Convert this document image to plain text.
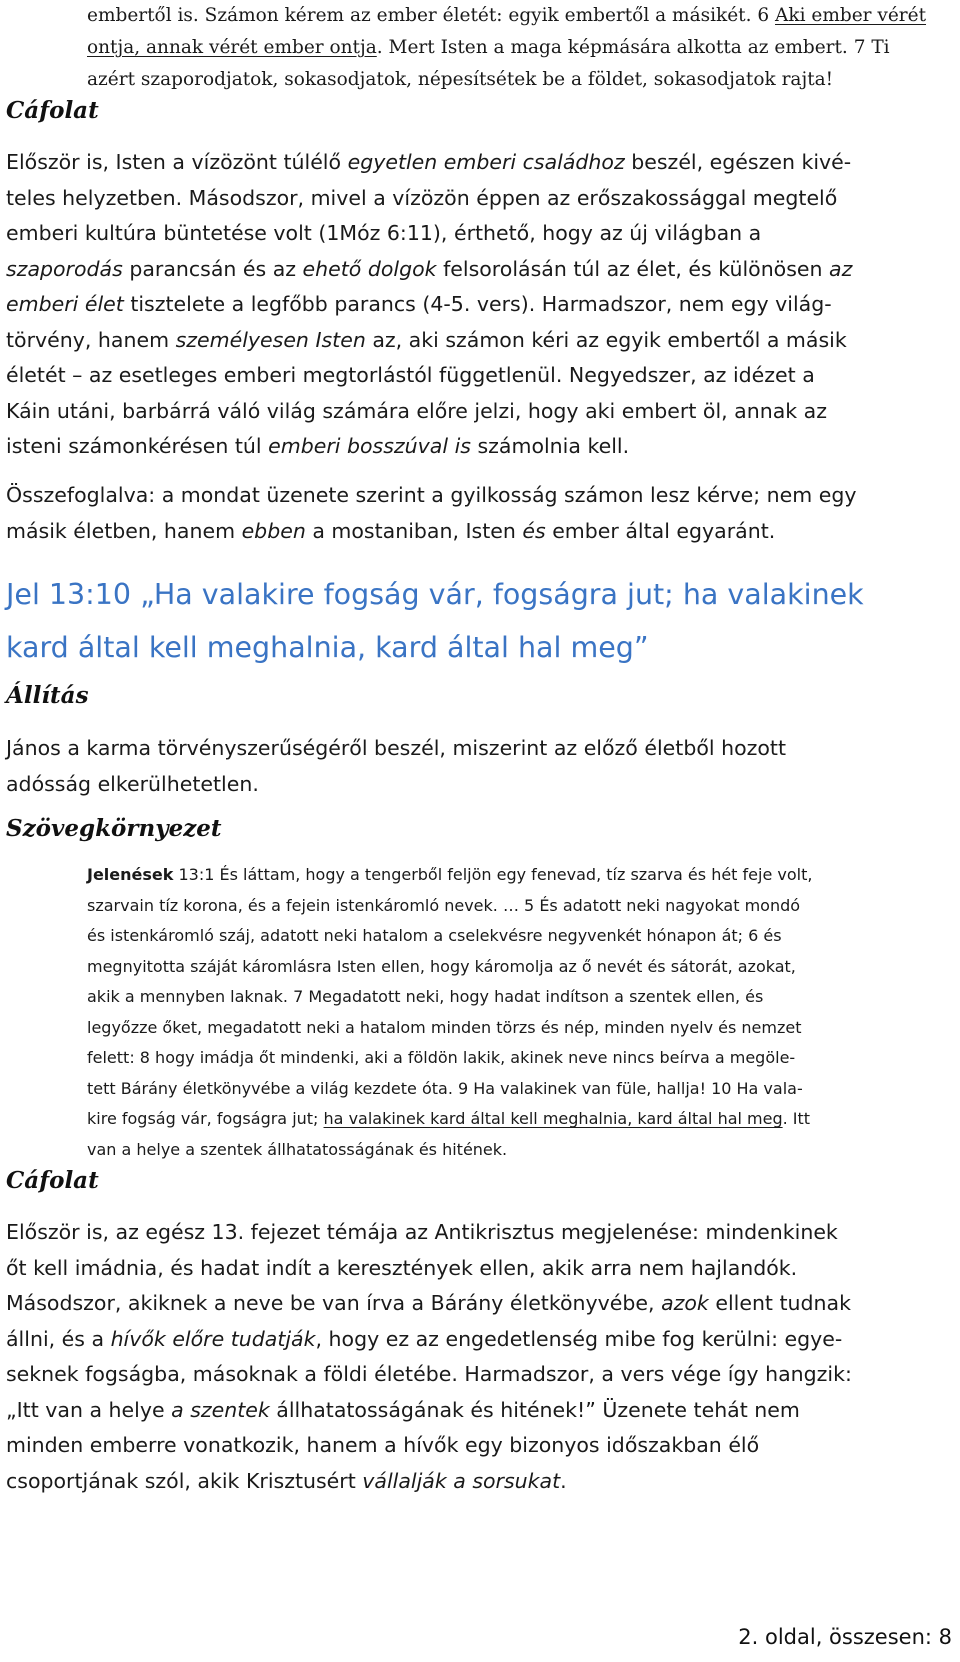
embertől is. Számon kérem az ember életét: egyik embertől a másikét. 6 Aki ember vérét
ontja, annak vérét ember ontja. Mert Isten a maga képmására alkotta az embert. 7 Ti
azért szaporodjatok, sokasodjatok, népesítsétek be a földet, sokasodjatok rajta!
Cáfolat
Először is, Isten a vízözönt túlélő egyetlen emberi családhoz beszél, egészen kivé-
teles helyzetben. Másodszor, mivel a vízözön éppen az erőszakossággal megtelő
emberi kultúra büntetése volt (1Móz 6:11), érthető, hogy az új világban a
szaporodás parancsán és az ehető dolgok felsorolásán túl az élet, és különösen az
emberi élet tisztelete a legfőbb parancs (4-5. vers). Harmadszor, nem egy világ-
törvény, hanem személyesen Isten az, aki számon kéri az egyik embertől a másik
életét – az esetleges emberi megtorlástól függetlenül. Negyedszer, az idézet a
Káin utáni, barbárrá váló világ számára előre jelzi, hogy aki embert öl, annak az
isteni számonkérésen túl emberi bosszúval is számolnia kell.
Összefoglalva: a mondat üzenete szerint a gyilkosság számon lesz kérve; nem egy
másik életben, hanem ebben a mostaniban, Isten és ember által egyaránt.
Jel 13:10 „Ha valakire fogság vár, fogságra jut; ha valakinek
kard által kell meghalnia, kard által hal meg”
Állítás
János a karma törvényszerűségéről beszél, miszerint az előző életből hozott
adósság elkerülhetetlen.
Szövegkörnyezet
Jelenések 13:1 És láttam, hogy a tengerből feljön egy fenevad, tíz szarva és hét feje volt,
szarvain tíz korona, és a fejein istenkáromló nevek. … 5 És adatott neki nagyokat mondó
és istenkáromló száj, adatott neki hatalom a cselekvésre negyvenkét hónapon át; 6 és
megnyitotta száját káromlásra Isten ellen, hogy káromolja az ő nevét és sátorát, azokat,
akik a mennyben laknak. 7 Megadatott neki, hogy hadat indítson a szentek ellen, és
legyőzze őket, megadatott neki a hatalom minden törzs és nép, minden nyelv és nemzet
felett: 8 hogy imádja őt mindenki, aki a földön lakik, akinek neve nincs beírva a megöle-
tett Bárány életkönyvébe a világ kezdete óta. 9 Ha valakinek van füle, hallja! 10 Ha vala-
kire fogság vár, fogságra jut; ha valakinek kard által kell meghalnia, kard által hal meg. Itt
van a helye a szentek állhatatosságának és hitének.
Cáfolat
Először is, az egész 13. fejezet témája az Antikrisztus megjelenése: mindenkinek
őt kell imádnia, és hadat indít a keresztények ellen, akik arra nem hajlandók.
Másodszor, akiknek a neve be van írva a Bárány életkönyvébe, azok ellent tudnak
állni, és a hívők előre tudatják, hogy ez az engedetlenség mibe fog kerülni: egye-
seknek fogságba, másoknak a földi életébe. Harmadszor, a vers vége így hangzik:
„Itt van a helye a szentek állhatatosságának és hitének!” Üzenete tehát nem
minden emberre vonatkozik, hanem a hívők egy bizonyos időszakban élő
csoportjának szól, akik Krisztusért vállalják a sorsukat.
2. oldal, összesen: 8
